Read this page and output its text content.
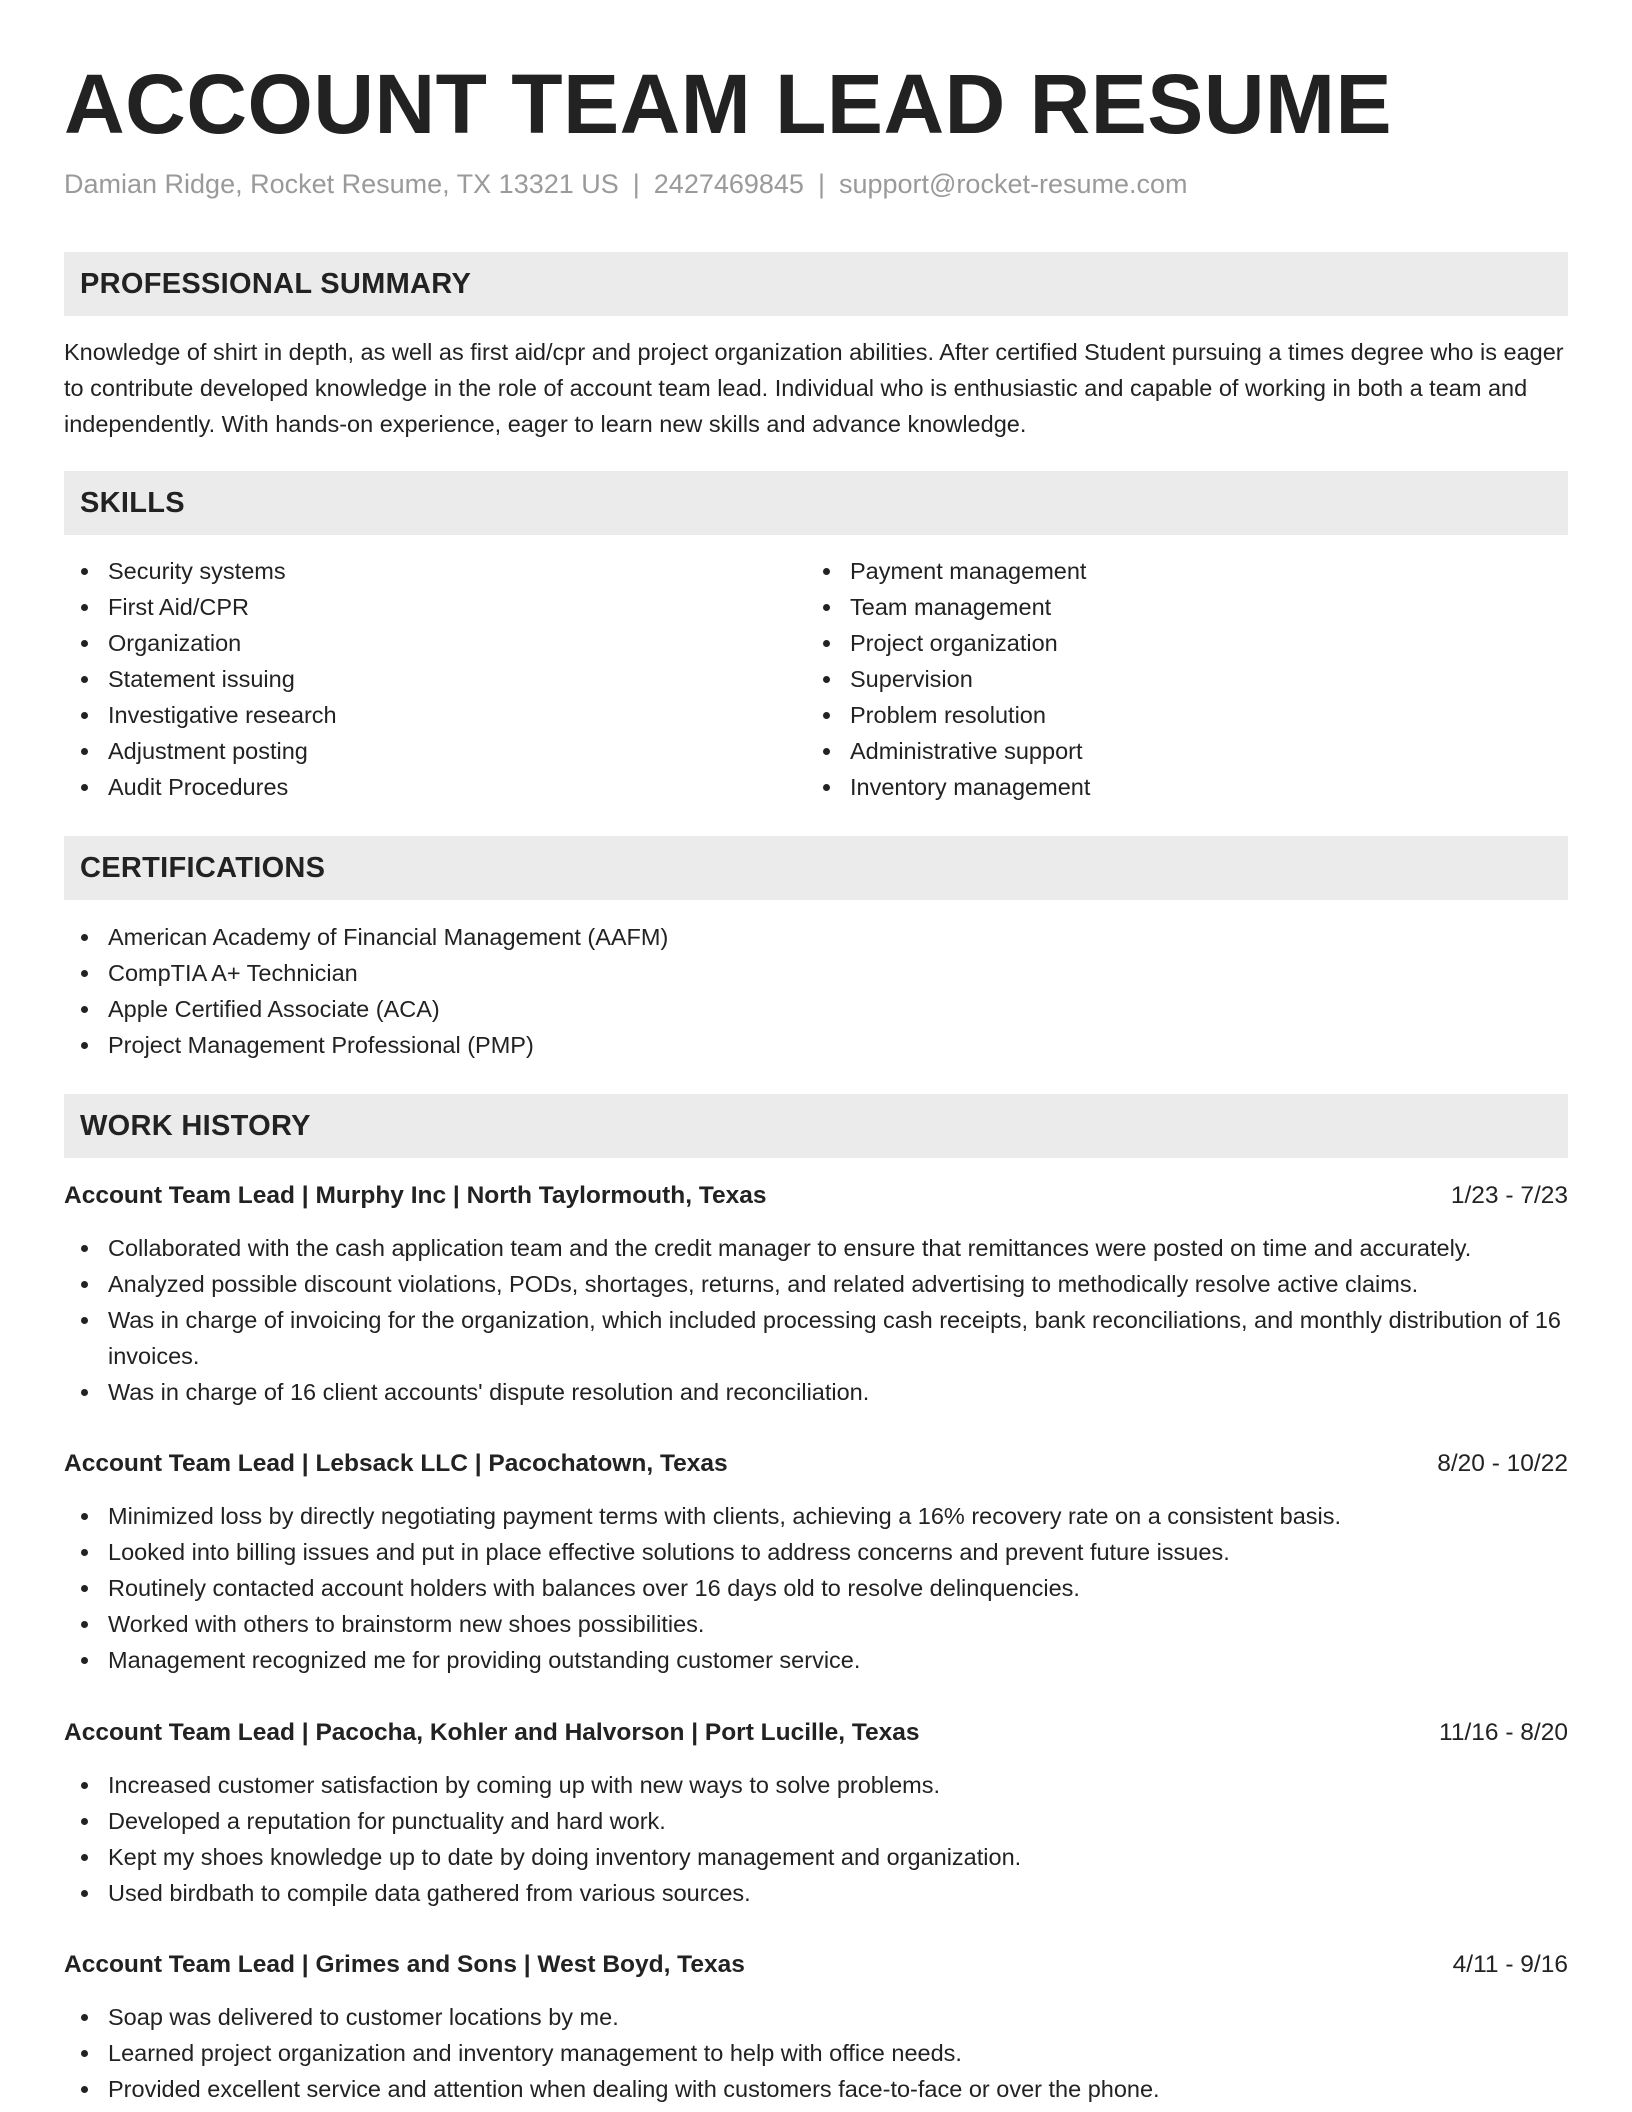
ACCOUNT TEAM LEAD RESUME
Damian Ridge, Rocket Resume, TX 13321 US | 2427469845 | support@rocket-resume.com
PROFESSIONAL SUMMARY

Knowledge of shirt in depth, as well as first aid/cpr and project organization abilities. After certified Student pursuing a times degree who is eager to contribute developed knowledge in the role of account team lead. Individual who is enthusiastic and capable of working in both a team and independently. With hands-on experience, eager to learn new skills and advance knowledge.

SKILLS
Security systems
First Aid/CPR
Organization
Statement issuing
Investigative research
Adjustment posting
Audit Procedures
Payment management
Team management
Project organization
Supervision
Problem resolution
Administrative support
Inventory management
CERTIFICATIONS
American Academy of Financial Management (AAFM)
CompTIA A+ Technician
Apple Certified Associate (ACA)
Project Management Professional (PMP)
WORK HISTORY
Account Team Lead | Murphy Inc | North Taylormouth, Texas	1/23 - 7/23
Collaborated with the cash application team and the credit manager to ensure that remittances were posted on time and accurately.
Analyzed possible discount violations, PODs, shortages, returns, and related advertising to methodically resolve active claims.
Was in charge of invoicing for the organization, which included processing cash receipts, bank reconciliations, and monthly distribution of 16 invoices.
Was in charge of 16 client accounts' dispute resolution and reconciliation.
Account Team Lead | Lebsack LLC | Pacochatown, Texas	8/20 - 10/22
Minimized loss by directly negotiating payment terms with clients, achieving a 16% recovery rate on a consistent basis.
Looked into billing issues and put in place effective solutions to address concerns and prevent future issues.
Routinely contacted account holders with balances over 16 days old to resolve delinquencies.
Worked with others to brainstorm new shoes possibilities.
Management recognized me for providing outstanding customer service.
Account Team Lead | Pacocha, Kohler and Halvorson | Port Lucille, Texas	11/16 - 8/20
Increased customer satisfaction by coming up with new ways to solve problems.
Developed a reputation for punctuality and hard work.
Kept my shoes knowledge up to date by doing inventory management and organization.
Used birdbath to compile data gathered from various sources.
Account Team Lead | Grimes and Sons | West Boyd, Texas	4/11 - 9/16
Soap was delivered to customer locations by me.
Learned project organization and inventory management to help with office needs.
Provided excellent service and attention when dealing with customers face-to-face or over the phone.
